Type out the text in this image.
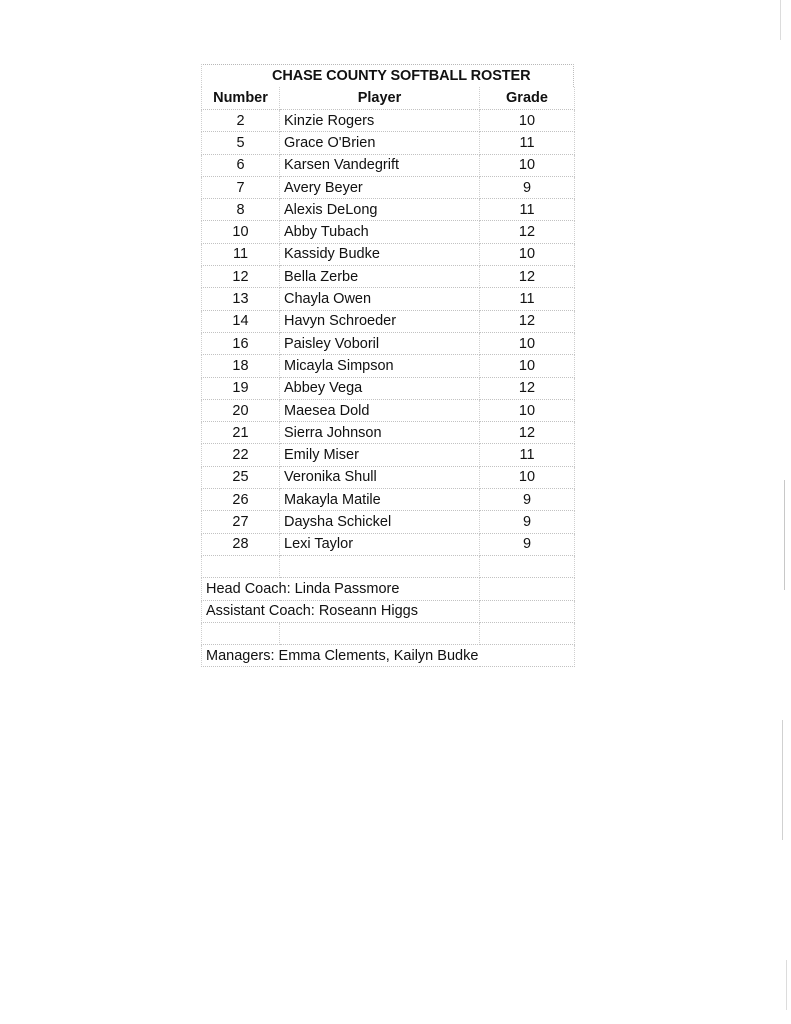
CHASE COUNTY SOFTBALL ROSTER
Number	Player	Grade
2	Kinzie Rogers	10
5	Grace O'Brien	11
6	Karsen Vandegrift	10
7	Avery Beyer	9
8	Alexis DeLong	11
10	Abby Tubach	12
11	Kassidy Budke	10
12	Bella Zerbe	12
13	Chayla Owen	11
14	Havyn Schroeder	12
16	Paisley Voboril	10
18	Micayla Simpson	10
19	Abbey Vega	12
20	Maesea Dold	10
21	Sierra Johnson	12
22	Emily Miser	11
25	Veronika Shull	10
26	Makayla Matile	9
27	Daysha Schickel	9
28	Lexi Taylor	9

Head Coach: Linda Passmore		
Assistant Coach: Roseann Higgs		

Managers: Emma Clements, Kailyn Budke		
